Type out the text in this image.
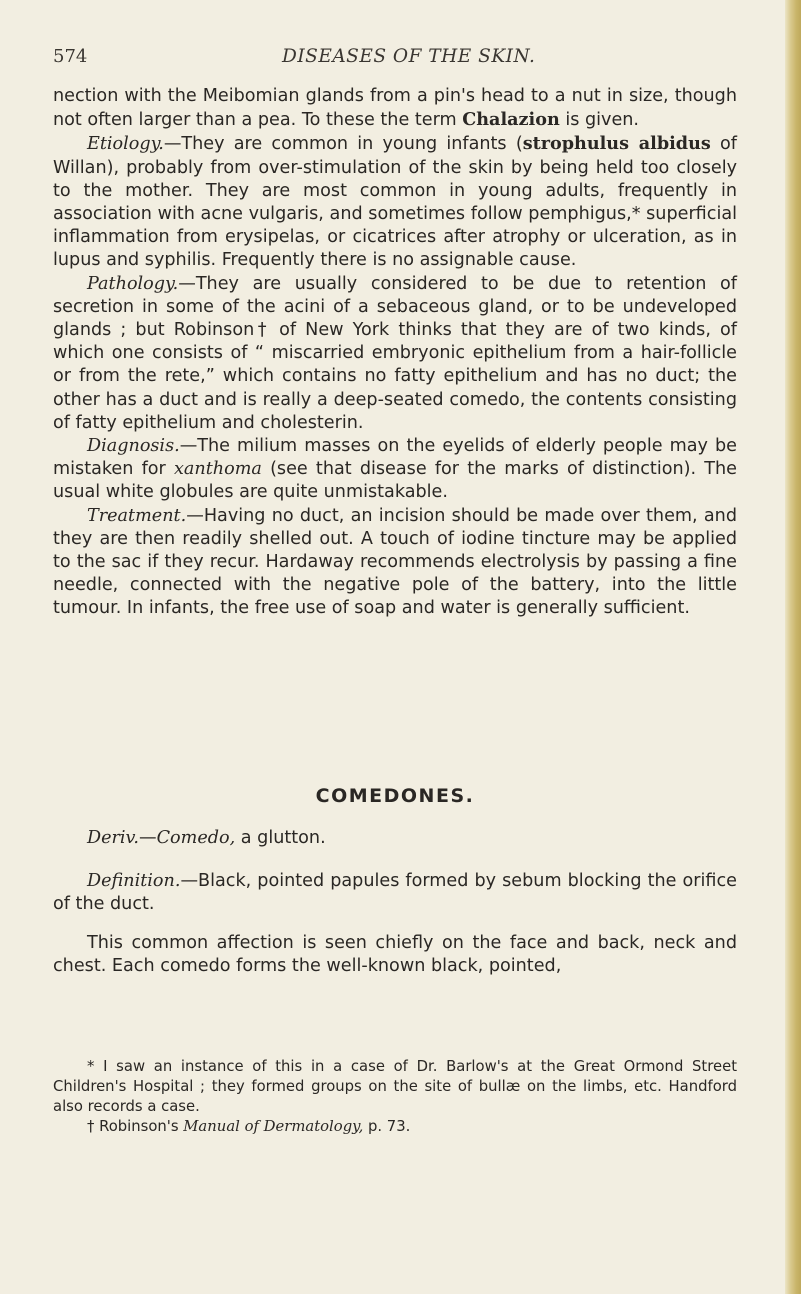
574	DISEASES OF THE SKIN.

nection with the Meibomian glands from a pin's head to a nut in size, though not often larger than a pea. To these the term Chalazion is given.

Etiology.—They are common in young infants (strophulus albidus of Willan), probably from over-stimulation of the skin by being held too closely to the mother. They are most common in young adults, frequently in association with acne vulgaris, and sometimes follow pemphigus,* superficial inflammation from erysipelas, or cicatrices after atrophy or ulceration, as in lupus and syphilis. Frequently there is no assignable cause.

Pathology.—They are usually considered to be due to retention of secretion in some of the acini of a sebaceous gland, or to be undeveloped glands ; but Robinson† of New York thinks that they are of two kinds, of which one consists of “ miscarried embryonic epithelium from a hair-follicle or from the rete,” which contains no fatty epithelium and has no duct; the other has a duct and is really a deep-seated comedo, the contents consisting of fatty epithelium and cholesterin.

Diagnosis.—The milium masses on the eyelids of elderly people may be mistaken for xanthoma (see that disease for the marks of distinction). The usual white globules are quite unmistakable.

Treatment.—Having no duct, an incision should be made over them, and they are then readily shelled out. A touch of iodine tincture may be applied to the sac if they recur. Hardaway recommends electrolysis by passing a fine needle, connected with the negative pole of the battery, into the little tumour. In infants, the free use of soap and water is generally sufficient.

COMEDONES.
Deriv.—Comedo, a glutton.

Definition.—Black, pointed papules formed by sebum blocking the orifice of the duct.

This common affection is seen chiefly on the face and back, neck and chest. Each comedo forms the well-known black, pointed,

* I saw an instance of this in a case of Dr. Barlow's at the Great Ormond Street Children's Hospital ; they formed groups on the site of bullæ on the limbs, etc. Handford also records a case.

† Robinson's Manual of Dermatology, p. 73.
